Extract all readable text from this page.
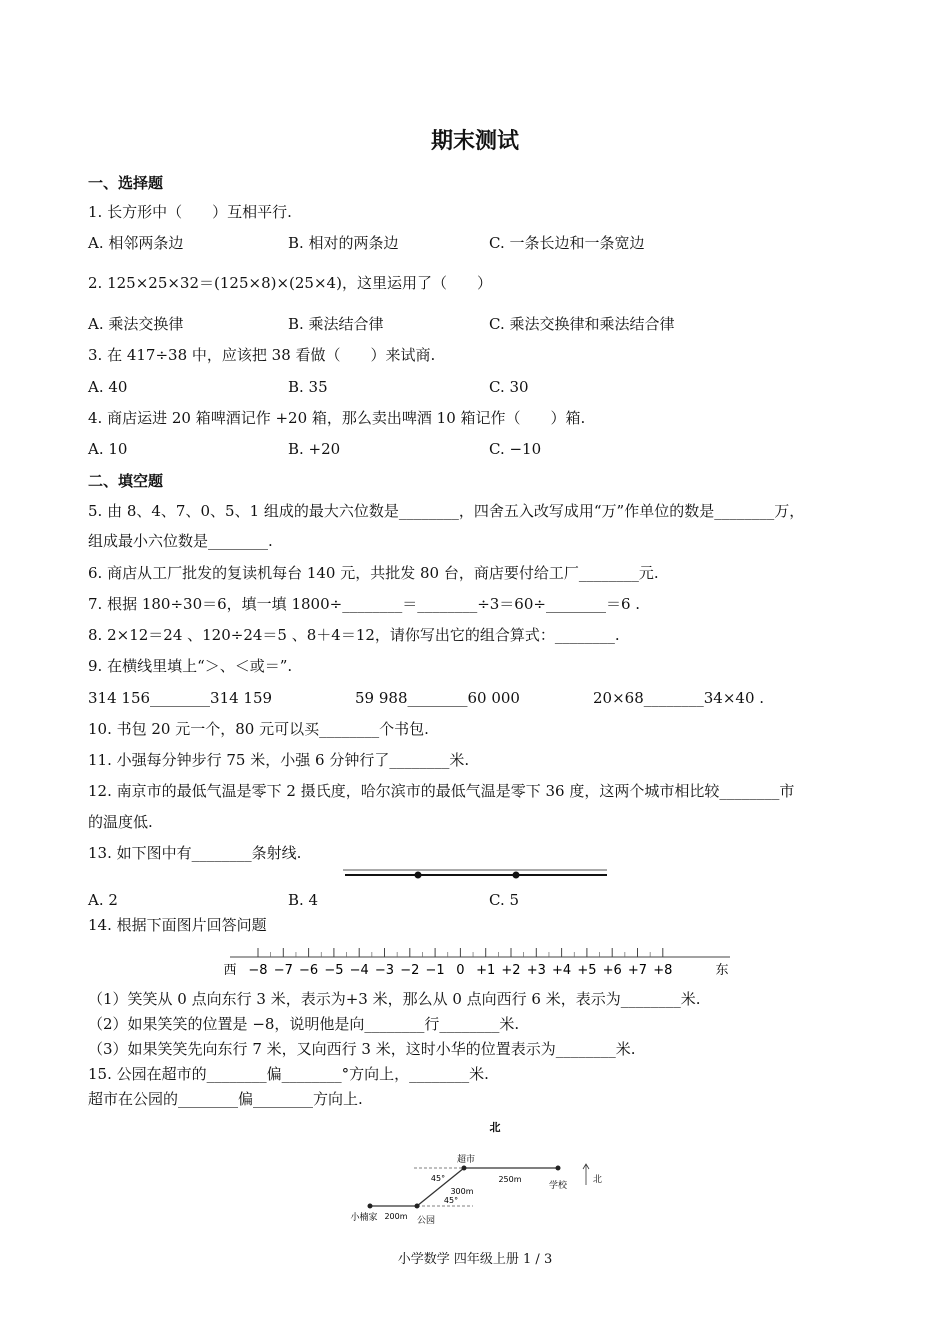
期末测试
一、选择题
1. 长方形中（　　）互相平行.
A. 相邻两条边	B. 相对的两条边	C. 一条长边和一条宽边
2. 125×25×32＝(125×8)×(25×4)，这里运用了（　　）
A. 乘法交换律	B. 乘法结合律	C. 乘法交换律和乘法结合律
3. 在 417÷38 中，应该把 38 看做（　　）来试商.
A. 40	B. 35	C. 30
4. 商店运进 20 箱啤酒记作 +20 箱，那么卖出啤酒 10 箱记作（　　）箱.
A. 10	B. +20	C. −10
二、填空题
5. 由 8、4、7、0、5、1 组成的最大六位数是________，四舍五入改写成用“万”作单位的数是________万，
组成最小六位数是________.
6. 商店从工厂批发的复读机每台 140 元，共批发 80 台，商店要付给工厂________元.
7. 根据 180÷30＝6，填一填 1800÷________＝________÷3＝60÷________＝6 .
8. 2×12＝24 、120÷24＝5 、8＋4＝12，请你写出它的组合算式：________.
9. 在横线里填上“＞、＜或＝”.
314 156________314 159	59 988________60 000	20×68________34×40 .
10. 书包 20 元一个，80 元可以买________个书包.
11. 小强每分钟步行 75 米，小强 6 分钟行了________米.
12. 南京市的最低气温是零下 2 摄氏度，哈尔滨市的最低气温是零下 36 度，这两个城市相比较________市
的温度低.
13. 如下图中有________条射线.
A. 2	B. 4	C. 5
14. 根据下面图片回答问题
西	东
−8 −7 −6 −5 −4 −3 −2 −1 0 +1 +2 +3 +4 +5 +6 +7 +8
（1）笑笑从 0 点向东行 3 米，表示为+3 米，那么从 0 点向西行 6 米，表示为________米.
（2）如果笑笑的位置是 −8，说明他是向________行________米.
（3）如果笑笑先向东行 7 米，又向西行 3 米，这时小华的位置表示为________米.
15. 公园在超市的________偏________°方向上，________米.
超市在公园的________偏________方向上.
北
北
超市
学校
公园
小楠家
250m
300m
200m
45°
45°
小学数学 四年级上册 1 / 3
